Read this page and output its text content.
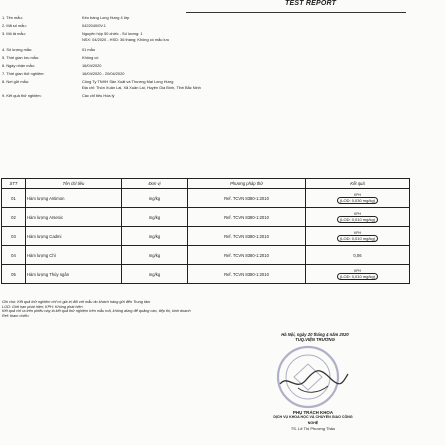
TEST REPORT
1. Tên mẫu:	Kéo tráng Long Hưng 4 lớp
2. Mã số mẫu:	0422040/0V.1
3. Mô tả mẫu:	Nguyên hộp 50 chiếc - Số lượng: 1
NSX: 04/2020 - HSD: 36 tháng; Không có mẫu lưu
4. Số lượng mẫu:	01 mẫu
5. Thời gian lưu mẫu:	Không có
6. Ngày nhận mẫu:	16/04/2020
7. Thời gian thử nghiệm:	16/04/2020 - 20/04/2020
8. Nơi gửi mẫu:	Công Ty TNHH Sản Xuất và Thương Mại Long Hưng
Địa chỉ: Thôn Xuân Lai, Xã Xuân Lai, Huyện Gia Bình, Tỉnh Bắc Ninh
9. Kết quả thử nghiệm:	Các chỉ tiêu Hóa lý
STT	Tên chỉ tiêu	Đơn vị	Phương pháp thử	Kết quả
01	Hàm lượng Antimon	mg/kg	Ref. TCVN 8380-1:2010	KPH
(LOD: 0,030 mg/kg)
02	Hàm lượng Arsenic	mg/kg	Ref. TCVN 8380-1:2010	KPH
(LOD: 0,010 mg/kg)
03	Hàm lượng Cadmi	mg/kg	Ref. TCVN 8380-1:2010	KPH
(LOD: 0,010 mg/kg)
04	Hàm lượng Chì	mg/kg	Ref. TCVN 8380-1:2010	0,06
05	Hàm lượng Thủy ngân	mg/kg	Ref. TCVN 8380-1:2010	KPH
(LOD: 0,010 mg/kg)
Ghi chú: Kết quả thử nghiệm chỉ có giá trị đối với mẫu do khách hàng gửi đến Trung tâm
LOD: Giới hạn phát hiện; KPH: Không phát hiện
Kết quả chỉ ra trên phiếu này là kết quả thử nghiệm trên mẫu mã, không dùng để quảng cáo, tiếp thị, kinh doanh
Ref: tham chiếu
Hà Nội, ngày 20 tháng 4 năm 2020
TUQ.VIỆN TRƯỞNG
PHỤ TRÁCH KHOA
DỊCH VỤ KHOA HỌC VÀ CHUYỂN GIAO CÔNG NGHỆ
TS. Lê Thị Phương Thảo
